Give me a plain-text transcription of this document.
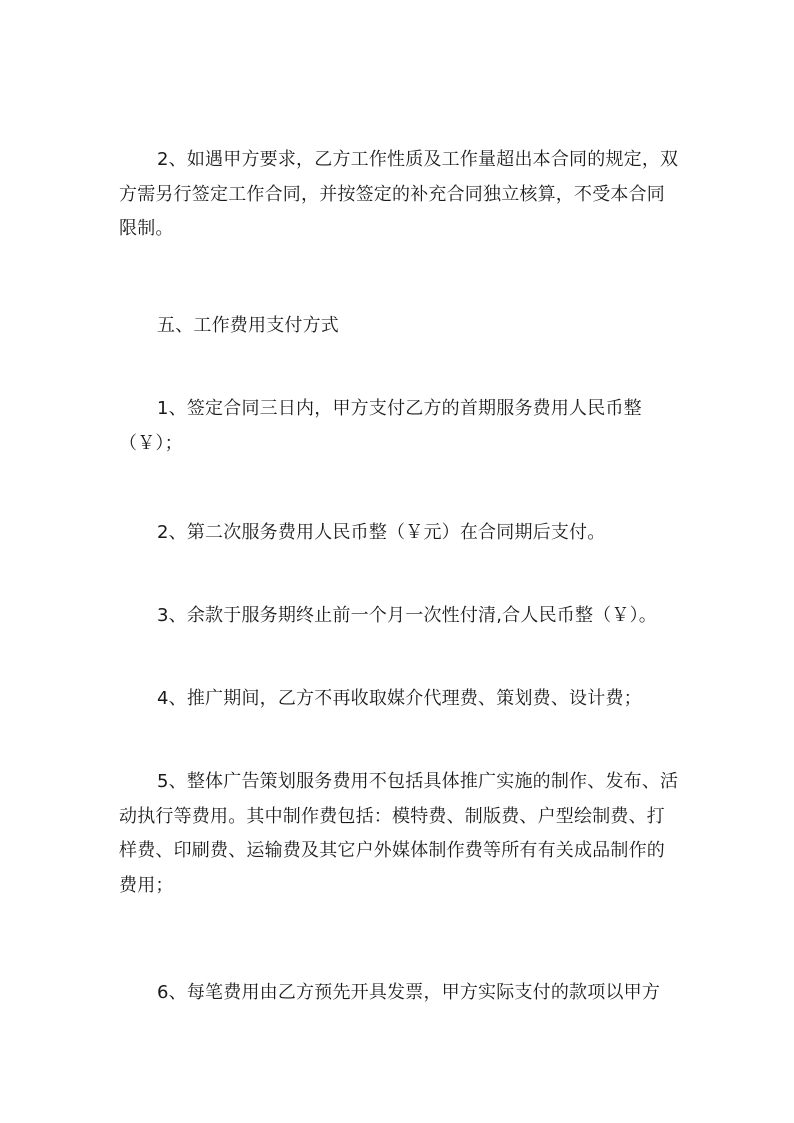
2、如遇甲方要求，乙方工作性质及工作量超出本合同的规定，双方需另行签定工作合同，并按签定的补充合同独立核算，不受本合同限制。

五、工作费用支付方式

1、签定合同三日内，甲方支付乙方的首期服务费用人民币整（￥）；

2、第二次服务费用人民币整（￥元）在合同期后支付。

3、余款于服务期终止前一个月一次性付清,合人民币整（￥）。

4、推广期间，乙方不再收取媒介代理费、策划费、设计费；

5、整体广告策划服务费用不包括具体推广实施的制作、发布、活动执行等费用。其中制作费包括：模特费、制版费、户型绘制费、打样费、印刷费、运输费及其它户外媒体制作费等所有有关成品制作的费用；

6、每笔费用由乙方预先开具发票，甲方实际支付的款项以甲方
